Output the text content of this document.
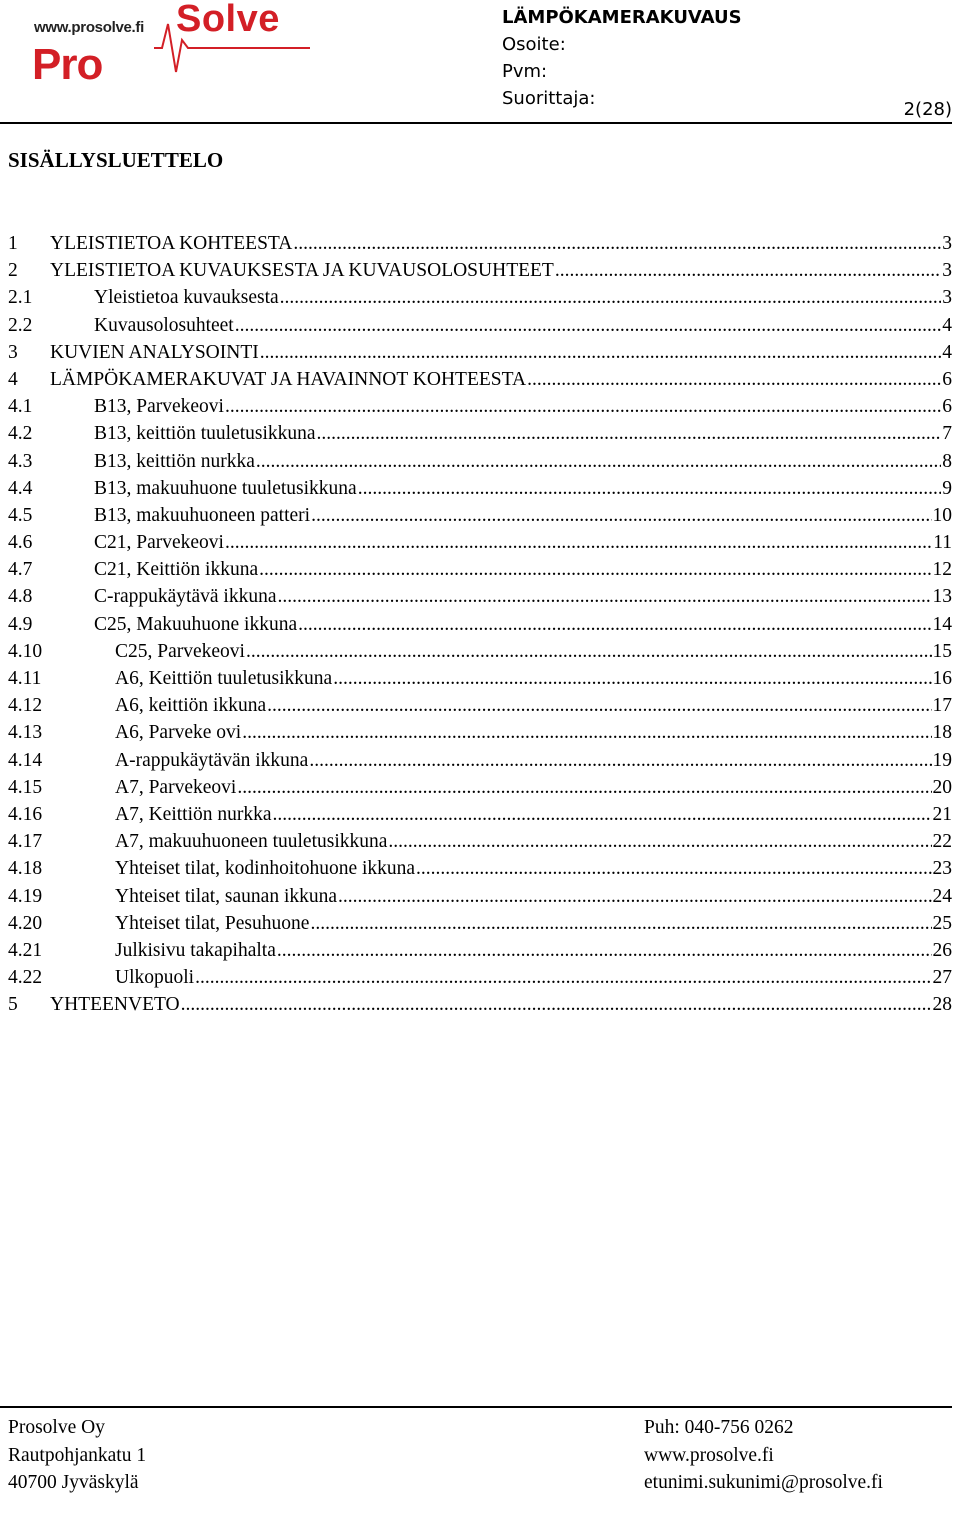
www.prosolve.fi Solve
Pro
LÄMPÖKAMERAKUVAUS
Osoite:
Pvm:
Suorittaja:
2(28)
SISÄLLYSLUETTELO
1	YLEISTIETOA KOHTEESTA .....	3
2	YLEISTIETOA KUVAUKSESTA JA KUVAUSOLOSUHTEET .....	3
2.1	Yleistietoa kuvauksesta .....	3
2.2	Kuvausolosuhteet .....	4
3	KUVIEN ANALYSOINTI .....	4
4	LÄMPÖKAMERAKUVAT JA HAVAINNOT KOHTEESTA .....	6
4.1	B13, Parvekeovi .....	6
4.2	B13, keittiön tuuletusikkuna .....	7
4.3	B13, keittiön nurkka .....	8
4.4	B13, makuuhuone tuuletusikkuna .....	9
4.5	B13, makuuhuoneen patteri .....	10
4.6	C21, Parvekeovi .....	11
4.7	C21, Keittiön ikkuna .....	12
4.8	C-rappukäytävä ikkuna .....	13
4.9	C25, Makuuhuone ikkuna .....	14
4.10	C25, Parvekeovi .....	15
4.11	A6, Keittiön tuuletusikkuna .....	16
4.12	A6, keittiön ikkuna .....	17
4.13	A6, Parveke ovi .....	18
4.14	A-rappukäytävän ikkuna .....	19
4.15	A7, Parvekeovi .....	20
4.16	A7, Keittiön nurkka .....	21
4.17	A7, makuuhuoneen tuuletusikkuna .....	22
4.18	Yhteiset tilat, kodinhoitohuone ikkuna .....	23
4.19	Yhteiset tilat, saunan ikkuna .....	24
4.20	Yhteiset tilat, Pesuhuone .....	25
4.21	Julkisivu takapihalta .....	26
4.22	Ulkopuoli .....	27
5	YHTEENVETO .....	28
Prosolve Oy
Rautpohjankatu 1
40700 Jyväskylä
Puh: 040-756 0262
www.prosolve.fi
etunimi.sukunimi@prosolve.fi
